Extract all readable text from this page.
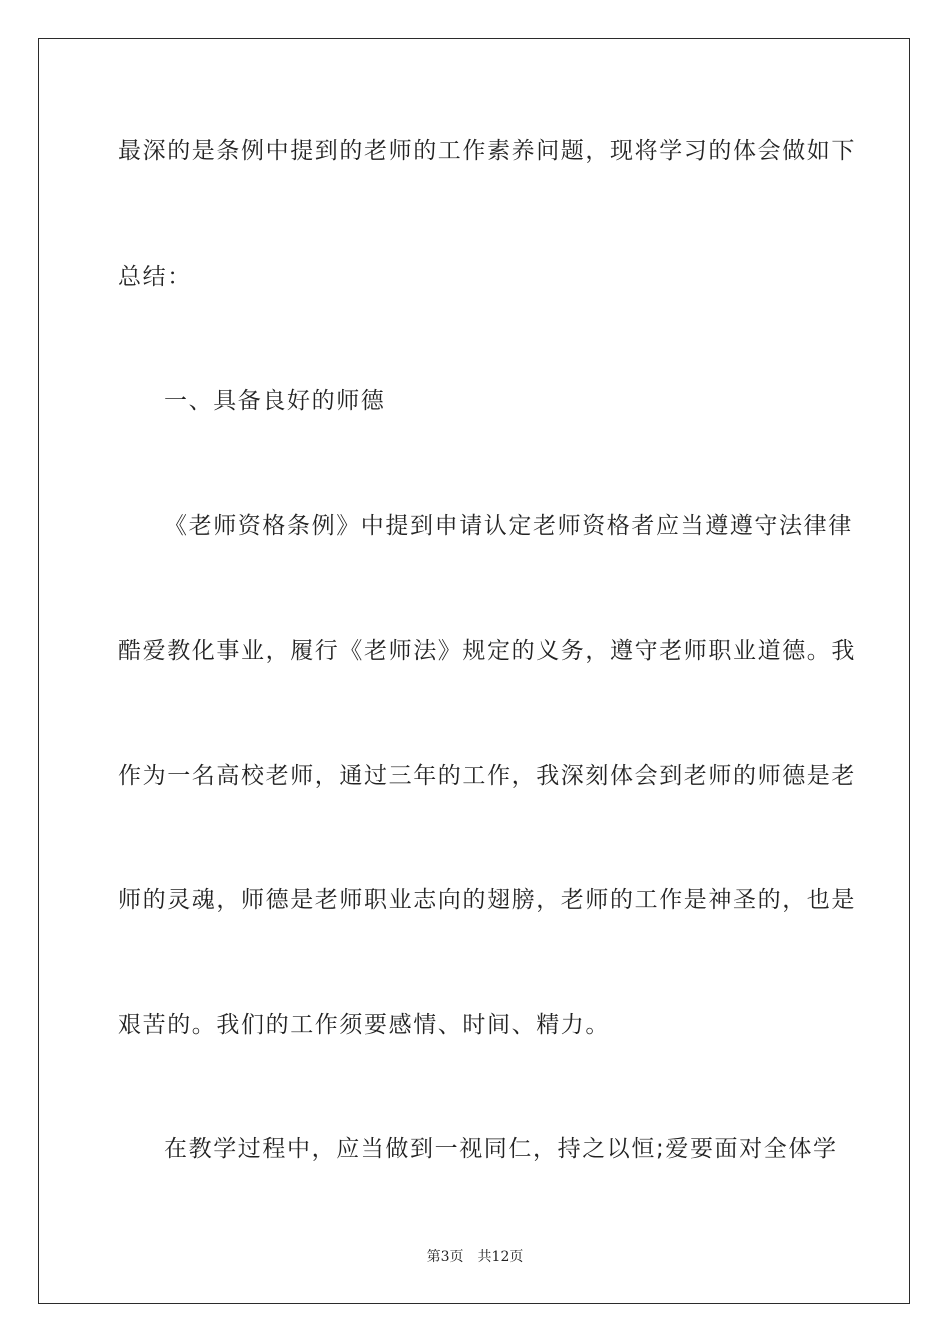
最深的是条例中提到的老师的工作素养问题，现将学习的体会做如下
总结：
一、具备良好的师德
《老师资格条例》中提到申请认定老师资格者应当遵遵守法律律
酷爱教化事业，履行《老师法》规定的义务，遵守老师职业道德。我
作为一名高校老师，通过三年的工作，我深刻体会到老师的师德是老
师的灵魂，师德是老师职业志向的翅膀，老师的工作是神圣的，也是
艰苦的。我们的工作须要感情、时间、精力。
在教学过程中，应当做到一视同仁，持之以恒;爱要面对全体学
第3页 共12页
